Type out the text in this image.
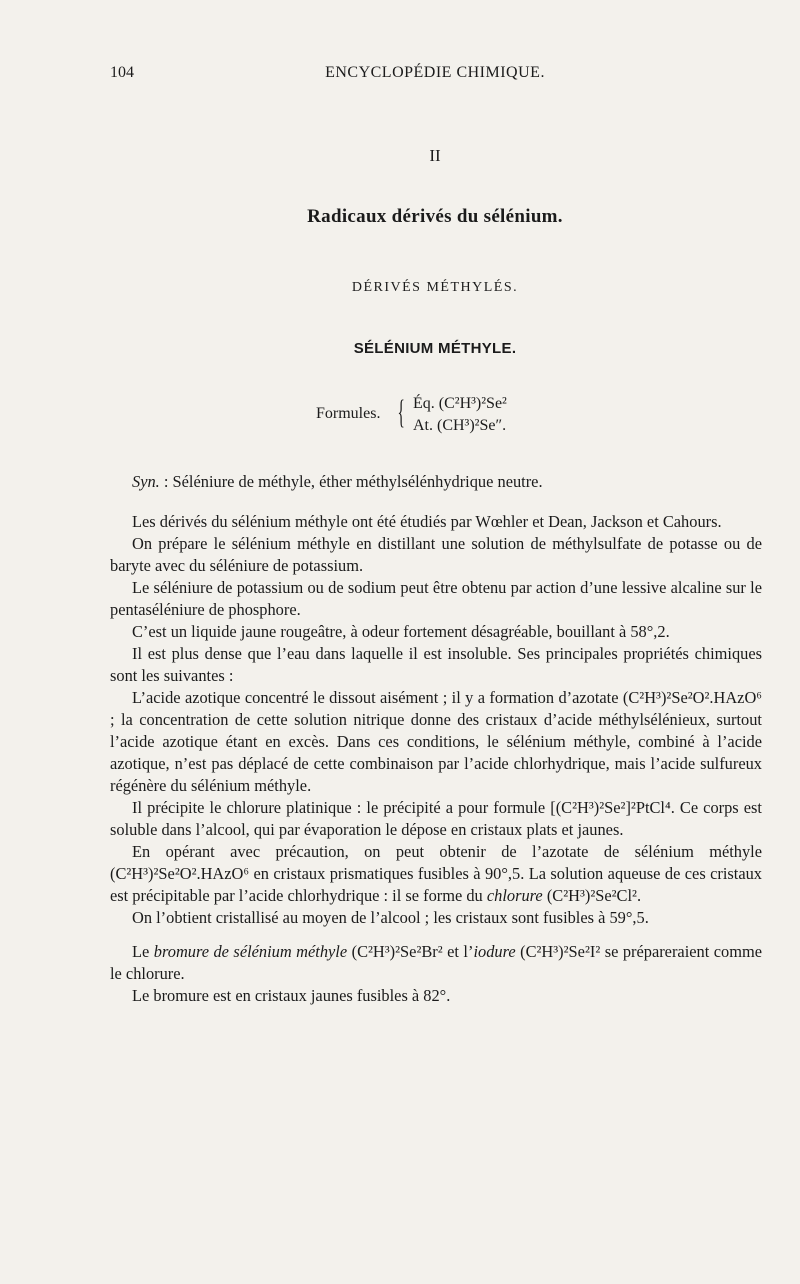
104	ENCYCLOPÉDIE CHIMIQUE.
II
Radicaux dérivés du sélénium.
DÉRIVÉS MÉTHYLÉS.
SÉLÉNIUM MÉTHYLE.
Formules. { Éq. (C²H³)²Se²
At. (CH³)²Se″.

Syn. : Séléniure de méthyle, éther méthylsélénhydrique neutre.

Les dérivés du sélénium méthyle ont été étudiés par Wœhler et Dean, Jackson et Cahours.

On prépare le sélénium méthyle en distillant une solution de méthylsulfate de potasse ou de baryte avec du séléniure de potassium.

Le séléniure de potassium ou de sodium peut être obtenu par action d’une lessive alcaline sur le pentaséléniure de phosphore.

C’est un liquide jaune rougeâtre, à odeur fortement désagréable, bouillant à 58°,2.

Il est plus dense que l’eau dans laquelle il est insoluble. Ses principales propriétés chimiques sont les suivantes :

L’acide azotique concentré le dissout aisément ; il y a formation d’azotate (C²H³)²Se²O².HAzO⁶ ; la concentration de cette solution nitrique donne des cristaux d’acide méthylsélénieux, surtout l’acide azotique étant en excès. Dans ces conditions, le sélénium méthyle, combiné à l’acide azotique, n’est pas déplacé de cette combinaison par l’acide chlorhydrique, mais l’acide sulfureux régénère du sélénium méthyle.

Il précipite le chlorure platinique : le précipité a pour formule [(C²H³)²Se²]²PtCl⁴. Ce corps est soluble dans l’alcool, qui par évaporation le dépose en cristaux plats et jaunes.

En opérant avec précaution, on peut obtenir de l’azotate de sélénium méthyle (C²H³)²Se²O².HAzO⁶ en cristaux prismatiques fusibles à 90°,5. La solution aqueuse de ces cristaux est précipitable par l’acide chlorhydrique : il se forme du chlorure (C²H³)²Se²Cl².

On l’obtient cristallisé au moyen de l’alcool ; les cristaux sont fusibles à 59°,5.

Le bromure de sélénium méthyle (C²H³)²Se²Br² et l’iodure (C²H³)²Se²I² se prépareraient comme le chlorure.

Le bromure est en cristaux jaunes fusibles à 82°.
